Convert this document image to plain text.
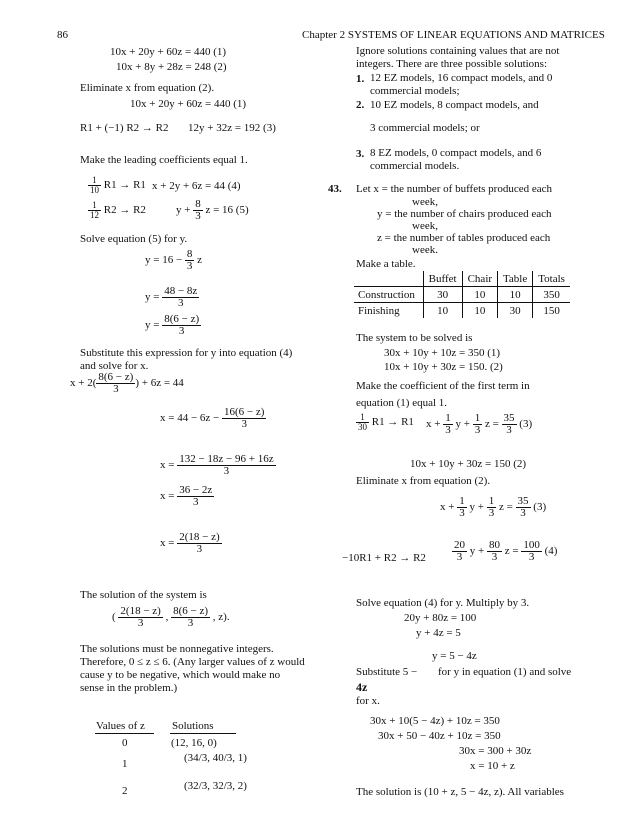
86	Chapter 2 SYSTEMS OF LINEAR EQUATIONS AND MATRICES
10x + 20y + 60z = 440 (1)
10x + 8y + 28z = 248 (2)
Eliminate x from equation (2).
10x + 20y + 60z = 440 (1)
R1 + (−1) R2 → R2 12y + 32z = 192 (3)
Make the leading coefficients equal 1.
$\frac{1}{10} R1 \to R1$ x + 2y + 6z = 44 (4)
$\frac{1}{12} R2 \to R2$	$y + \frac{8}{3}$ z = 16 (5)
Solve equation (5) for y.
$y = 16 - \frac{8}{3}$ z
$y = \frac{48 - 8z}{3}$
$y = \frac{8(6 - z)}{3}$
Substitute this expression for y into equation (4) and solve for x.
$x + 2( \frac{8(6 - z)}{3}$ ) + 6z = 44
$x = 44 - 6z - \frac{16(6 - z)}{3}$
$x = \frac{132 - 18z - 96 + 16z}{3}$
$x = \frac{36 - 2z}{3}$
$x = \frac{2(18 - z)}{3}$
The solution of the system is
( $\frac{2(18 - z)}{3}$ , $\frac{8(6 - z)}{3}$ , z).
The solutions must be nonnegative integers. Therefore, 0 ≤ z ≤ 6. (Any larger values of z would cause y to be negative, which would make no sense in the problem.)
Values of z Solutions
0	(12, 16, 0)
1	(34/3, 40/3, 1)
2	(32/3, 32/3, 2)
Ignore solutions containing values that are not integers. There are three possible solutions:
1. 12 EZ models, 16 compact models, and 0 commercial models;
2. 10 EZ models, 8 compact models, and
3 commercial models; or
3. 8 EZ models, 0 compact models, and 6 commercial models.
43. Let x = the number of buffets produced each
week,
y = the number of chairs produced each
week,
z = the number of tables produced each
week.
Make a table.
	Buffet	Chair	Table	Totals
Construction	30	10	10	350
Finishing	10	10	30	150
The system to be solved is
30x + 10y + 10z = 350 (1)
10x + 10y + 30z = 150. (2)
Make the coefficient of the first term in equation (1) equal 1.
$\frac{1}{30} R1 \to R1$ $x + \frac{1}{3}$ $y + \frac{1}{3}$ $z = \frac{35}{3} (3)$
10x + 10y + 30z = 150 (2)
Eliminate x from equation (2).
$x + \frac{1}{3}$ $y + \frac{1}{3}$ $z = \frac{35}{3} (3)$
$-10R1 + R2 \to R2 \frac{20}{3}$ $y + \frac{80}{3}$ $z = \frac{100}{3} (4)$
Solve equation (4) for y. Multiply by 3.
20y + 80z = 100
y + 4z = 5
y = 5 − 4z
Substitute 5 − for y in equation (1) and solve
4z
for x.
30x + 10(5 − 4z) + 10z = 350
30x + 50 − 40z + 10z = 350
30x = 300 + 30z
x = 10 + z
The solution is (10 + z, 5 − 4z, z). All variables
